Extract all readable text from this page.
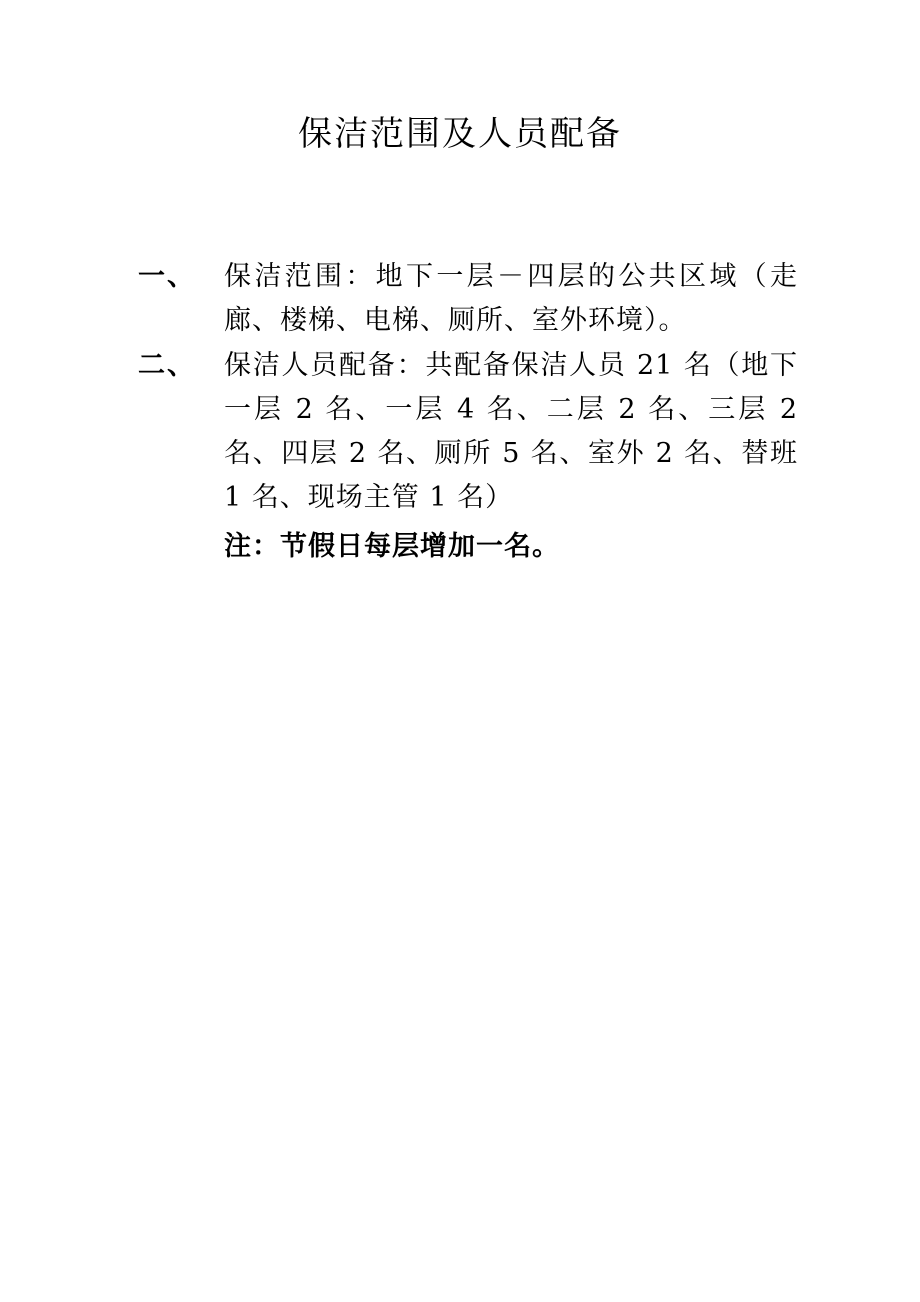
保洁范围及人员配备
一、	保洁范围：地下一层－四层的公共区域（走廊、楼梯、电梯、厕所、室外环境）。
二、	保洁人员配备：共配备保洁人员 21 名（地下一层 2 名、一层 4 名、二层 2 名、三层 2 名、四层 2 名、厕所 5 名、室外 2 名、替班 1 名、现场主管 1 名）
注：节假日每层增加一名。
